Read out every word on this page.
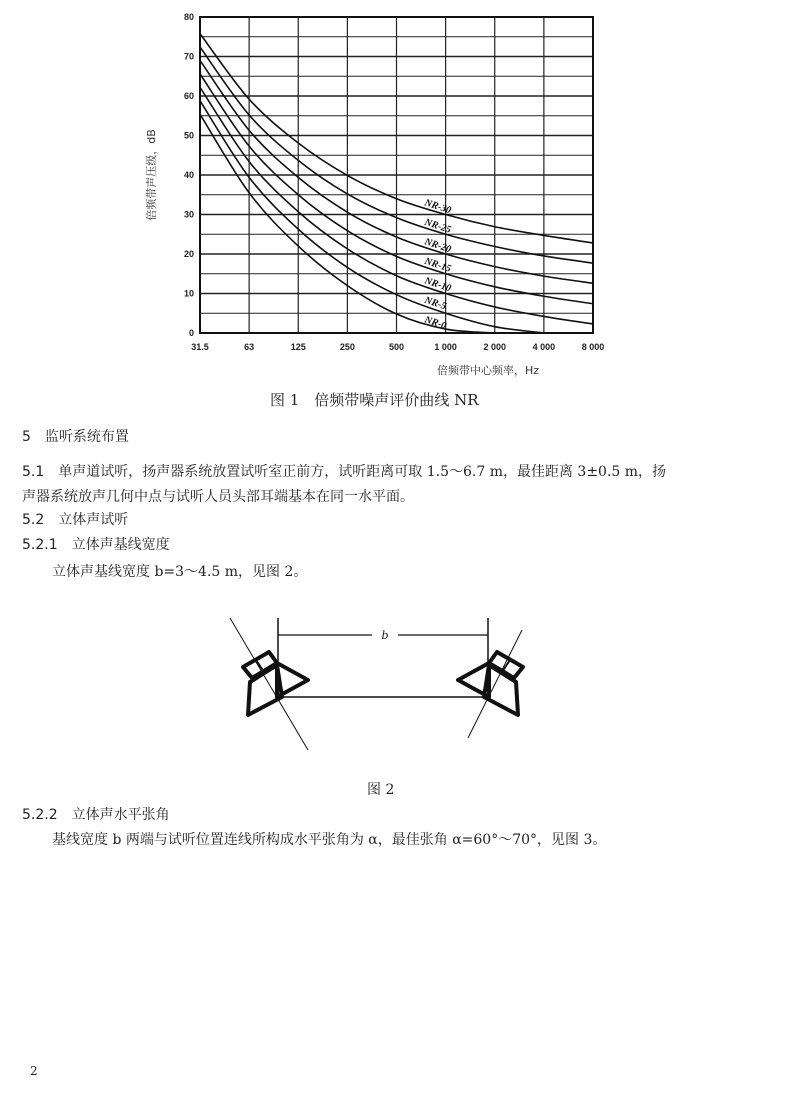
0
10
20
30
40
50
60
70
80
31.5	63	125	250	500	1 000	2 000	4 000	8 000
NR-30
NR-25
NR-20
NR-15
NR-10
NR-5
NR-0
倍频带中心频率，Hz
倍频带声压级，dB
图 1　倍频带噪声评价曲线 NR
5 监听系统布置
5.1 单声道试听，扬声器系统放置试听室正前方，试听距离可取 1.5～6.7 m，最佳距离 3±0.5 m，扬
声器系统放声几何中点与试听人员头部耳端基本在同一水平面。
5.2 立体声试听
5.2.1 立体声基线宽度
立体声基线宽度 b=3～4.5 m，见图 2。
b
图 2
5.2.2 立体声水平张角
基线宽度 b 两端与试听位置连线所构成水平张角为 α，最佳张角 α=60°～70°，见图 3。
2
